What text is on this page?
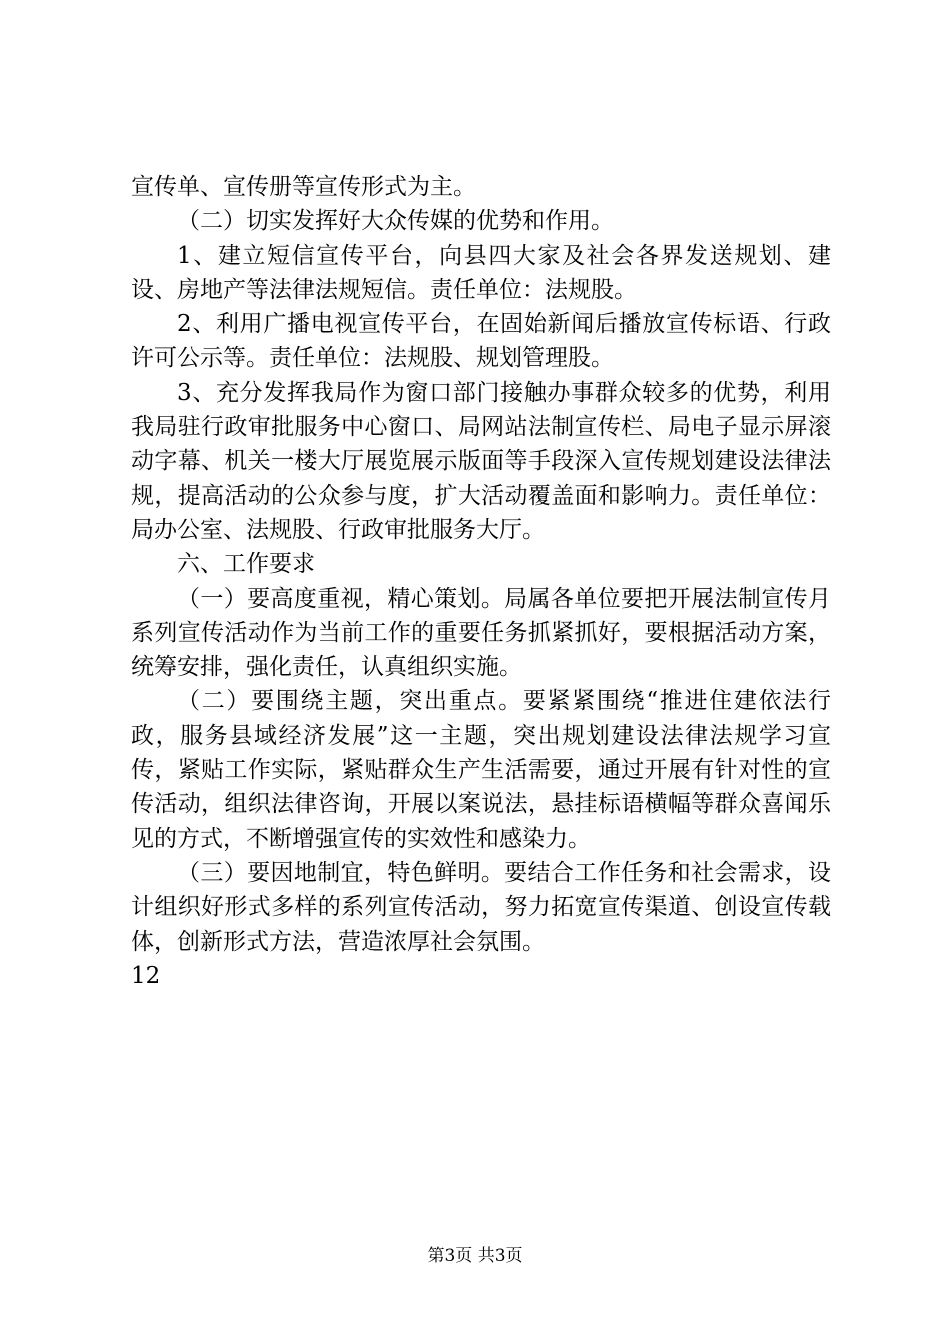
宣传单、宣传册等宣传形式为主。

（二）切实发挥好大众传媒的优势和作用。

1、建立短信宣传平台，向县四大家及社会各界发送规划、建设、房地产等法律法规短信。责任单位：法规股。

2、利用广播电视宣传平台，在固始新闻后播放宣传标语、行政许可公示等。责任单位：法规股、规划管理股。

3、充分发挥我局作为窗口部门接触办事群众较多的优势，利用我局驻行政审批服务中心窗口、局网站法制宣传栏、局电子显示屏滚动字幕、机关一楼大厅展览展示版面等手段深入宣传规划建设法律法规，提高活动的公众参与度，扩大活动覆盖面和影响力。责任单位：局办公室、法规股、行政审批服务大厅。

六、工作要求

（一）要高度重视，精心策划。局属各单位要把开展法制宣传月系列宣传活动作为当前工作的重要任务抓紧抓好，要根据活动方案，统筹安排，强化责任，认真组织实施。

（二）要围绕主题，突出重点。要紧紧围绕“推进住建依法行政，服务县域经济发展”这一主题，突出规划建设法律法规学习宣传，紧贴工作实际，紧贴群众生产生活需要，通过开展有针对性的宣传活动，组织法律咨询，开展以案说法，悬挂标语横幅等群众喜闻乐见的方式，不断增强宣传的实效性和感染力。

（三）要因地制宜，特色鲜明。要结合工作任务和社会需求，设计组织好形式多样的系列宣传活动，努力拓宽宣传渠道、创设宣传载体，创新形式方法，营造浓厚社会氛围。

12

第3页 共3页
